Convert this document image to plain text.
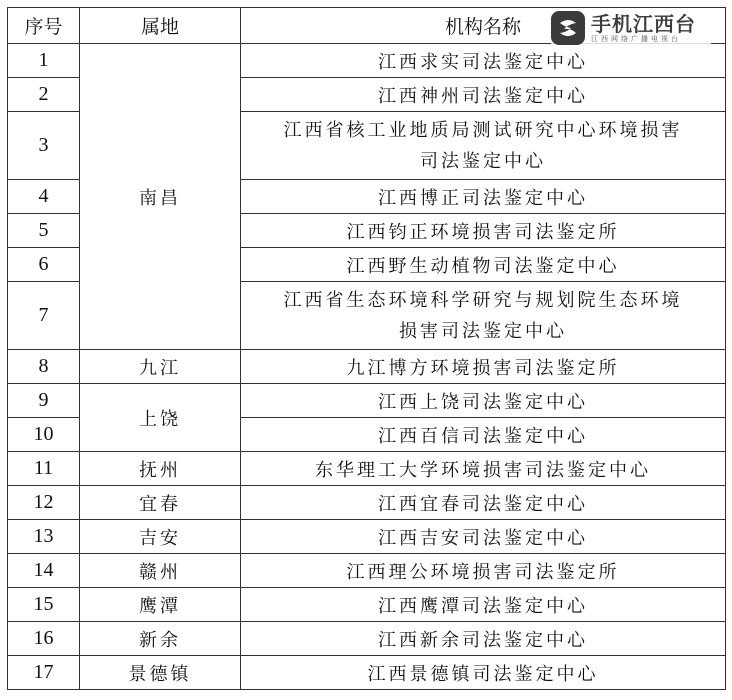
序号	属地	机构名称
1	南昌	江西求实司法鉴定中心
2		江西神州司法鉴定中心
3		江西省核工业地质局测试研究中心环境损害
司法鉴定中心
4		江西博正司法鉴定中心
5		江西钧正环境损害司法鉴定所
6		江西野生动植物司法鉴定中心
7		江西省生态环境科学研究与规划院生态环境
损害司法鉴定中心
8	九江	九江博方环境损害司法鉴定所
9	上饶	江西上饶司法鉴定中心
10		江西百信司法鉴定中心
11	抚州	东华理工大学环境损害司法鉴定中心
12	宜春	江西宜春司法鉴定中心
13	吉安	江西吉安司法鉴定中心
14	赣州	江西理公环境损害司法鉴定所
15	鹰潭	江西鹰潭司法鉴定中心
16	新余	江西新余司法鉴定中心
17	景德镇	江西景德镇司法鉴定中心
手机江西台
江西网络广播电视台
